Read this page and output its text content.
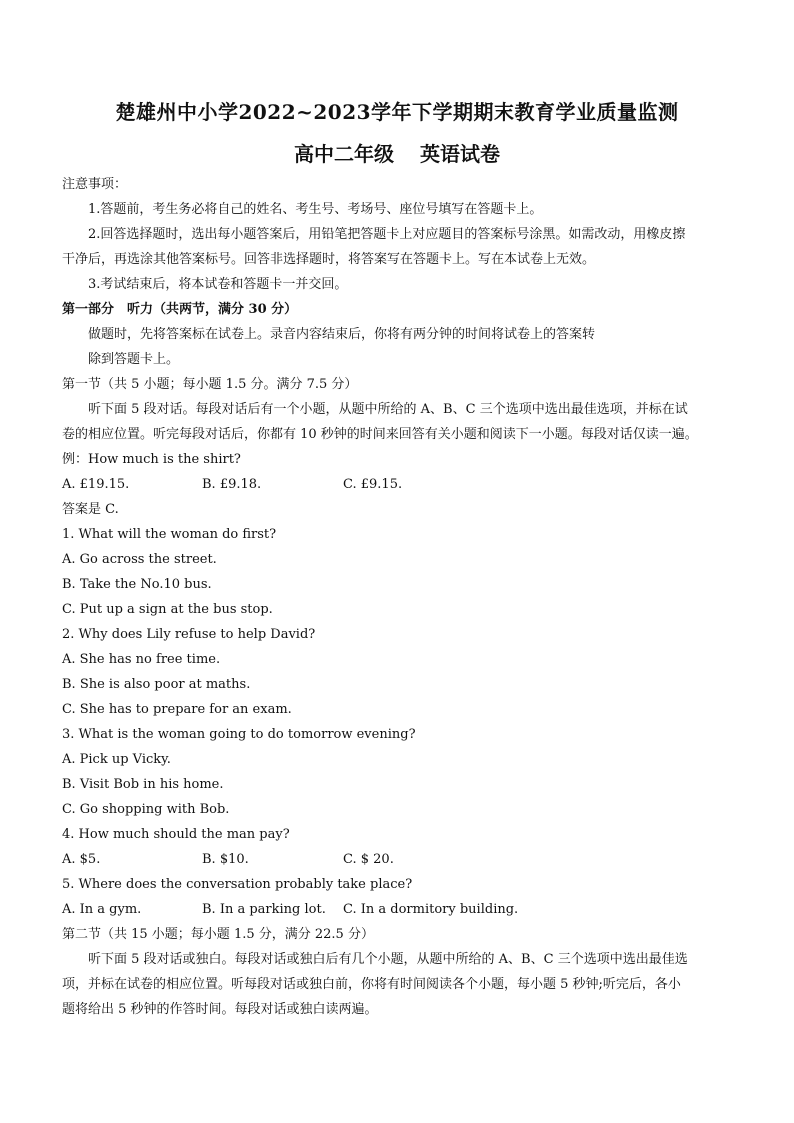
楚雄州中小学2022~2023学年下学期期末教育学业质量监测
高中二年级 英语试卷
注意事项：
1.答题前，考生务必将自己的姓名、考生号、考场号、座位号填写在答题卡上。
2.回答选择题时，选出每小题答案后，用铅笔把答题卡上对应题目的答案标号涂黑。如需改动，用橡皮擦
干净后，再选涂其他答案标号。回答非选择题时，将答案写在答题卡上。写在本试卷上无效。
3.考试结束后，将本试卷和答题卡一并交回。
第一部分　听力（共两节，满分 30 分）
做题时，先将答案标在试卷上。录音内容结束后，你将有两分钟的时间将试卷上的答案转
除到答题卡上。
第一节（共 5 小题；每小题 1.5 分。满分 7.5 分）
听下面 5 段对话。每段对话后有一个小题，从题中所给的 A、B、C 三个选项中选出最佳选项，并标在试
卷的相应位置。听完每段对话后，你都有 10 秒钟的时间来回答有关小题和阅读下一小题。每段对话仅读一遍。
例：How much is the shirt?
A. £19.15.	B. £9.18.	C. £9.15.
答案是 C.
1. What will the woman do first?
A. Go across the street.
B. Take the No.10 bus.
C. Put up a sign at the bus stop.
2. Why does Lily refuse to help David?
A. She has no free time.
B. She is also poor at maths.
C. She has to prepare for an exam.
3. What is the woman going to do tomorrow evening?
A. Pick up Vicky.
B. Visit Bob in his home.
C. Go shopping with Bob.
4. How much should the man pay?
A. $5.	B. $10.	C. $ 20.
5. Where does the conversation probably take place?
A. In a gym.	B. In a parking lot.	C. In a dormitory building.
第二节（共 15 小题；每小题 1.5 分，满分 22.5 分）
听下面 5 段对话或独白。每段对话或独白后有几个小题，从题中所给的 A、B、C 三个选项中选出最佳选
项，并标在试卷的相应位置。听每段对话或独白前，你将有时间阅读各个小题，每小题 5 秒钟;听完后，各小
题将给出 5 秒钟的作答时间。每段对话或独白读两遍。
